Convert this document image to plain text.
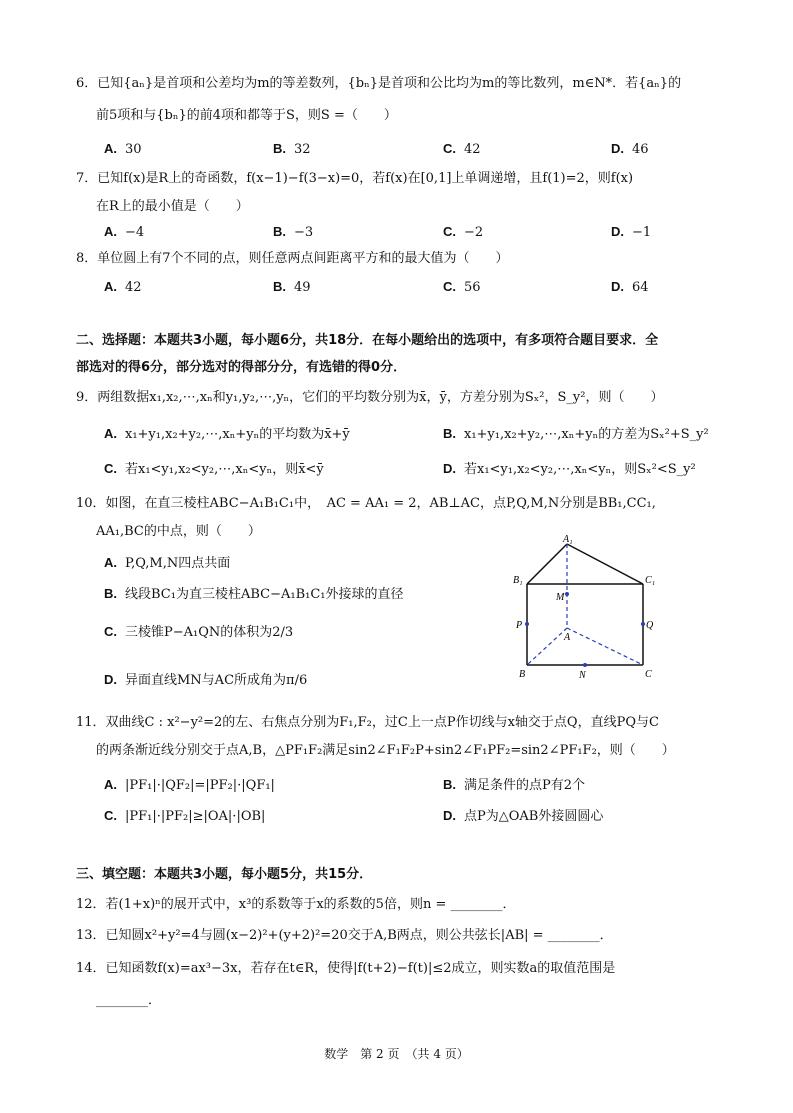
6．已知{aₙ}是首项和公差均为m的等差数列，{bₙ}是首项和公比均为m的等比数列，m∈N*．若{aₙ}的
前5项和与{bₙ}的前4项和都等于S，则S =（　　）
A. 30	B. 32	C. 42	D. 46
7．已知f(x)是R上的奇函数，f(x−1)−f(3−x)=0，若f(x)在[0,1]上单调递增，且f(1)=2，则f(x)
在R上的最小值是（　　）
A. −4	B. −3	C. −2	D. −1
8．单位圆上有7个不同的点，则任意两点间距离平方和的最大值为（　　）
A. 42	B. 49	C. 56	D. 64
二、选择题：本题共3小题，每小题6分，共18分．在每小题给出的选项中，有多项符合题目要求．全
部选对的得6分，部分选对的得部分分，有选错的得0分．
9．两组数据x₁,x₂,⋯,xₙ和y₁,y₂,⋯,yₙ，它们的平均数分别为x̄，ȳ，方差分别为Sₓ²，S_y²，则（　　）
A. x₁+y₁,x₂+y₂,⋯,xₙ+yₙ的平均数为x̄+ȳ	B. x₁+y₁,x₂+y₂,⋯,xₙ+yₙ的方差为Sₓ²+S_y²
C. 若x₁<y₁,x₂<y₂,⋯,xₙ<yₙ，则x̄<ȳ	D. 若x₁<y₁,x₂<y₂,⋯,xₙ<yₙ，则Sₓ²<S_y²
10．如图，在直三棱柱ABC−A₁B₁C₁中，　AC = AA₁ = 2，AB⊥AC，点P,Q,M,N分别是BB₁,CC₁,
AA₁,BC的中点，则（　　）
A. P,Q,M,N四点共面
B. 线段BC₁为直三棱柱ABC−A₁B₁C₁外接球的直径
C. 三棱锥P−A₁QN的体积为2/3
D. 异面直线MN与AC所成角为π/6
A₁
B₁	C₁
M
P	Q
A
B	N	C
11．双曲线C : x²−y²=2的左、右焦点分别为F₁,F₂，过C上一点P作切线与x轴交于点Q，直线PQ与C
的两条渐近线分别交于点A,B，△PF₁F₂满足sin2∠F₁F₂P+sin2∠F₁PF₂=sin2∠PF₁F₂，则（　　）
A. |PF₁|·|QF₂|=|PF₂|·|QF₁|	B. 满足条件的点P有2个
C. |PF₁|·|PF₂|≥|OA|·|OB|	D. 点P为△OAB外接圆圆心
三、填空题：本题共3小题，每小题5分，共15分．
12．若(1+x)ⁿ的展开式中，x³的系数等于x的系数的5倍，则n = ________．
13．已知圆x²+y²=4与圆(x−2)²+(y+2)²=20交于A,B两点，则公共弦长|AB| = ________．
14．已知函数f(x)=ax³−3x，若存在t∈R，使得|f(t+2)−f(t)|≤2成立，则实数a的取值范围是
________．
数学　第 2 页　（共 4 页）
